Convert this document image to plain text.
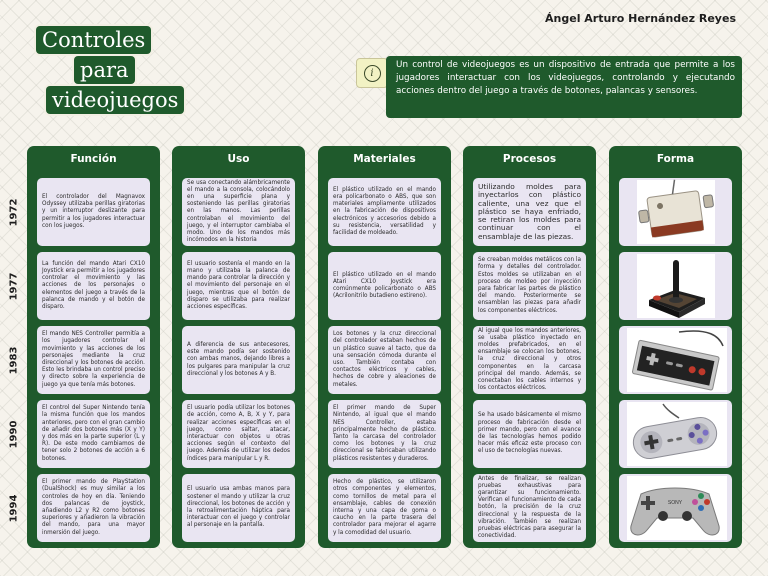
Ángel Arturo Hernández Reyes
Controles
para
videojuegos
i
Un control de videojuegos es un dispositivo de entrada que permite a los jugadores interactuar con los videojuegos, controlando y ejecutando acciones dentro del juego a través de botones, palancas y sensores.
1972
1977
1983
1990
1994
Función
El controlador del Magnavox Odyssey utilizaba perillas giratorias y un interruptor deslizante para permitir a los jugadores interactuar con los juegos.
La función del mando Atari CX10 Joystick era permitir a los jugadores controlar el movimiento y las acciones de los personajes o elementos del juego a través de la palanca de mando y el botón de disparo.
El mando NES Controller permitía a los jugadores controlar el movimiento y las acciones de los personajes mediante la cruz direccional y los botones de acción. Esto les brindaba un control preciso y directo sobre la experiencia de juego ya que tenía más botones.
El control del Super Nintendo tenía la misma función que los mandos anteriores, pero con el gran cambio de añadir dos botones más (X y Y) y dos más en la parte superior (L y R). De este modo cambiamos de tener solo 2 botones de acción a 6 botones.
El primer mando de PlayStation (DualShock) es muy similar a los controles de hoy en día. Teniendo dos palancas de joystick, añadiendo L2 y R2 como botones superiores y añadieron la vibración del mando, para una mayor inmersión del juego.
Uso
Se usa conectando alámbricamente el mando a la consola, colocándolo en una superficie plana y sosteniendo las perillas giratorias en las manos. Las perillas controlaban el movimiento del juego, y el interruptor cambiaba el modo. Uno de los mandos más incómodos en la historia
El usuario sostenía el mando en la mano y utilizaba la palanca de mando para controlar la dirección y el movimiento del personaje en el juego, mientras que el botón de disparo se utilizaba para realizar acciones específicas.
A diferencia de sus antecesores, este mando podía ser sostenido con ambas manos, dejando libres a los pulgares para manipular la cruz direccional y los botones A y B.
El usuario podía utilizar los botones de acción, como A, B, X y Y, para realizar acciones específicas en el juego, como saltar, atacar, interactuar con objetos u otras acciones según el contexto del juego. Además de utilizar los dedos índices para manipular L y R.
El usuario usa ambas manos para sostener el mando y utilizar la cruz direccional, los botones de acción y la retroalimentación háptica para interactuar con el juego y controlar al personaje en la pantalla.
Materiales
El plástico utilizado en el mando era policarbonato o ABS, que son materiales ampliamente utilizados en la fabricación de dispositivos electrónicos y accesorios debido a su resistencia, versatilidad y facilidad de moldeado.
El plástico utilizado en el mando Atari CX10 Joystick era comúnmente policarbonato o ABS (Acrilonitrilo butadieno estireno).
Los botones y la cruz direccional del controlador estaban hechos de un plástico suave al tacto, que da una sensación cómoda durante el uso. También contaba con contactos eléctricos y cables, hechos de cobre y aleaciones de metales.
El primer mando de Super Nintendo, al igual que el mando NES Controller, estaba principalmente hecho de plástico. Tanto la carcasa del controlador como los botones y la cruz direccional se fabricaban utilizando plásticos resistentes y duraderos.
Hecho de plástico, se utilizaron otros componentes y elementos, como tornillos de metal para el ensamblaje, cables de conexión interna y una capa de goma o caucho en la parte trasera del controlador para mejorar el agarre y la comodidad del usuario.
Procesos
Utilizando moldes para inyectarlos con plástico caliente, una vez que el plástico se haya enfriado, se retiran los moldes para continuar con el ensamblaje de las piezas.
Se creaban moldes metálicos con la forma y detalles del controlador. Estos moldes se utilizaban en el proceso de moldeo por inyección para fabricar las partes de plástico del mando. Posteriormente se ensamblan las piezas para añadir los componentes eléctricos.
Al igual que los mandos anteriores, se usaba plástico inyectado en moldes prefabricados, en el ensamblaje se colocan los botones, la cruz direccional y otros componentes en la carcasa principal del mando. Además, se conectaban los cables internos y los contactos eléctricos.
Se ha usado básicamente el mismo proceso de fabricación desde el primer mando, pero con el avance de las tecnologías hemos podido hacer más eficaz este proceso con el uso de tecnologías nuevas.
Antes de finalizar, se realizan pruebas exhaustivas para garantizar su funcionamiento. Verifican el funcionamiento de cada botón, la precisión de la cruz direccional y la respuesta de la vibración. También se realizan pruebas eléctricas para asegurar la conectividad.
Forma
SONY
